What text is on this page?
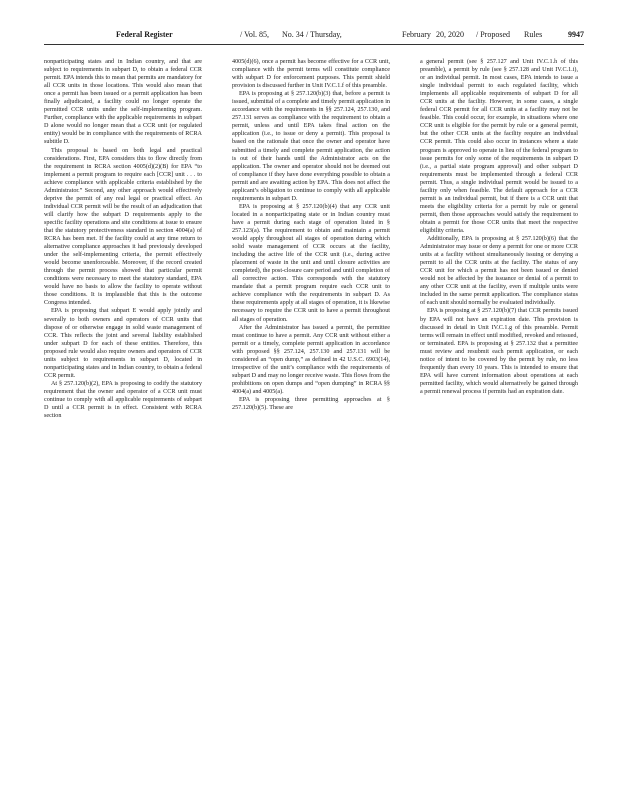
Federal Register	/ Vol. 85, No. 34 / Thursday,	February 20, 2020 / Proposed Rules	9947

nonparticipating states and in Indian country, and that are subject to requirements in subpart D, to obtain a federal CCR permit. EPA intends this to mean that permits are mandatory for all CCR units in those locations. This would also mean that once a permit has been issued or a permit application has been finally adjudicated, a facility could no longer operate the permitted CCR units under the self-implementing program. Further, compliance with the applicable requirements in subpart D alone would no longer mean that a CCR unit (or regulated entity) would be in compliance with the requirements of RCRA subtitle D.

This proposal is based on both legal and practical considerations. First, EPA considers this to flow directly from the requirement in RCRA section 4005(d)(2)(B) for EPA “to implement a permit program to require each [CCR] unit . . . to achieve compliance with applicable criteria established by the Administrator.” Second, any other approach would effectively deprive the permit of any real legal or practical effect. An individual CCR permit will be the result of an adjudication that will clarify how the subpart D requirements apply to the specific facility operations and site conditions at issue to ensure that the statutory protectiveness standard in section 4004(a) of RCRA has been met. If the facility could at any time return to alternative compliance approaches it had previously developed under the self-implementing criteria, the permit effectively would become unenforceable. Moreover, if the record created through the permit process showed that particular permit conditions were necessary to meet the statutory standard, EPA would have no basis to allow the facility to operate without those conditions. It is implausible that this is the outcome Congress intended.

EPA is proposing that subpart E would apply jointly and severally to both owners and operators of CCR units that dispose of or otherwise engage in solid waste management of CCR. This reflects the joint and several liability established under subpart D for each of these entities. Therefore, this proposed rule would also require owners and operators of CCR units subject to requirements in subpart D, located in nonparticipating states and in Indian country, to obtain a federal CCR permit.

At § 257.120(b)(2), EPA is proposing to codify the statutory requirement that the owner and operator of a CCR unit must continue to comply with all applicable requirements of subpart D until a CCR permit is in effect. Consistent with RCRA section

4005(d)(6), once a permit has become effective for a CCR unit, compliance with the permit terms will constitute compliance with subpart D for enforcement purposes. This permit shield provision is discussed further in Unit IV.C.1.f of this preamble.

EPA is proposing at § 257.120(b)(3) that, before a permit is issued, submittal of a complete and timely permit application in accordance with the requirements in §§ 257.124, 257.130, and 257.131 serves as compliance with the requirement to obtain a permit, unless and until EPA takes final action on the application (i.e., to issue or deny a permit). This proposal is based on the rationale that once the owner and operator have submitted a timely and complete permit application, the action is out of their hands until the Administrator acts on the application. The owner and operator should not be deemed out of compliance if they have done everything possible to obtain a permit and are awaiting action by EPA. This does not affect the applicant’s obligation to continue to comply with all applicable requirements in subpart D.

EPA is proposing at § 257.120(b)(4) that any CCR unit located in a nonparticipating state or in Indian country must have a permit during each stage of operation listed in § 257.123(a). The requirement to obtain and maintain a permit would apply throughout all stages of operation during which solid waste management of CCR occurs at the facility, including the active life of the CCR unit (i.e., during active placement of waste in the unit and until closure activities are completed), the post-closure care period and until completion of all corrective action. This corresponds with the statutory mandate that a permit program require each CCR unit to achieve compliance with the requirements in subpart D. As these requirements apply at all stages of operation, it is likewise necessary to require the CCR unit to have a permit throughout all stages of operation.

After the Administrator has issued a permit, the permittee must continue to have a permit. Any CCR unit without either a permit or a timely, complete permit application in accordance with proposed §§ 257.124, 257.130 and 257.131 will be considered an “open dump,” as defined in 42 U.S.C. 6903(14), irrespective of the unit’s compliance with the requirements of subpart D and may no longer receive waste. This flows from the prohibitions on open dumps and “open dumping” in RCRA §§ 4004(a) and 4005(a).

EPA is proposing three permitting approaches at § 257.120(b)(5). These are

a general permit (see § 257.127 and Unit IV.C.1.h of this preamble), a permit by rule (see § 257.128 and Unit IV.C.1.i), or an individual permit. In most cases, EPA intends to issue a single individual permit to each regulated facility, which implements all applicable requirements of subpart D for all CCR units at the facility. However, in some cases, a single federal CCR permit for all CCR units at a facility may not be feasible. This could occur, for example, in situations where one CCR unit is eligible for the permit by rule or a general permit, but the other CCR units at the facility require an individual CCR permit. This could also occur in instances where a state program is approved to operate in lieu of the federal program to issue permits for only some of the requirements in subpart D (i.e., a partial state program approval) and other subpart D requirements must be implemented through a federal CCR permit. Thus, a single individual permit would be issued to a facility only when feasible. The default approach for a CCR permit is an individual permit, but if there is a CCR unit that meets the eligibility criteria for a permit by rule or general permit, then those approaches would satisfy the requirement to obtain a permit for those CCR units that meet the respective eligibility criteria.

Additionally, EPA is proposing at § 257.120(b)(6) that the Administrator may issue or deny a permit for one or more CCR units at a facility without simultaneously issuing or denying a permit to all the CCR units at the facility. The status of any CCR unit for which a permit has not been issued or denied would not be affected by the issuance or denial of a permit to any other CCR unit at the facility, even if multiple units were included in the same permit application. The compliance status of each unit should normally be evaluated individually.

EPA is proposing at § 257.120(b)(7) that CCR permits issued by EPA will not have an expiration date. This provision is discussed in detail in Unit IV.C.1.g of this preamble. Permit terms will remain in effect until modified, revoked and reissued, or terminated. EPA is proposing at § 257.132 that a permittee must review and resubmit each permit application, or each notice of intent to be covered by the permit by rule, no less frequently than every 10 years. This is intended to ensure that EPA will have current information about operations at each permitted facility, which would alternatively be gained through a permit renewal process if permits had an expiration date.
